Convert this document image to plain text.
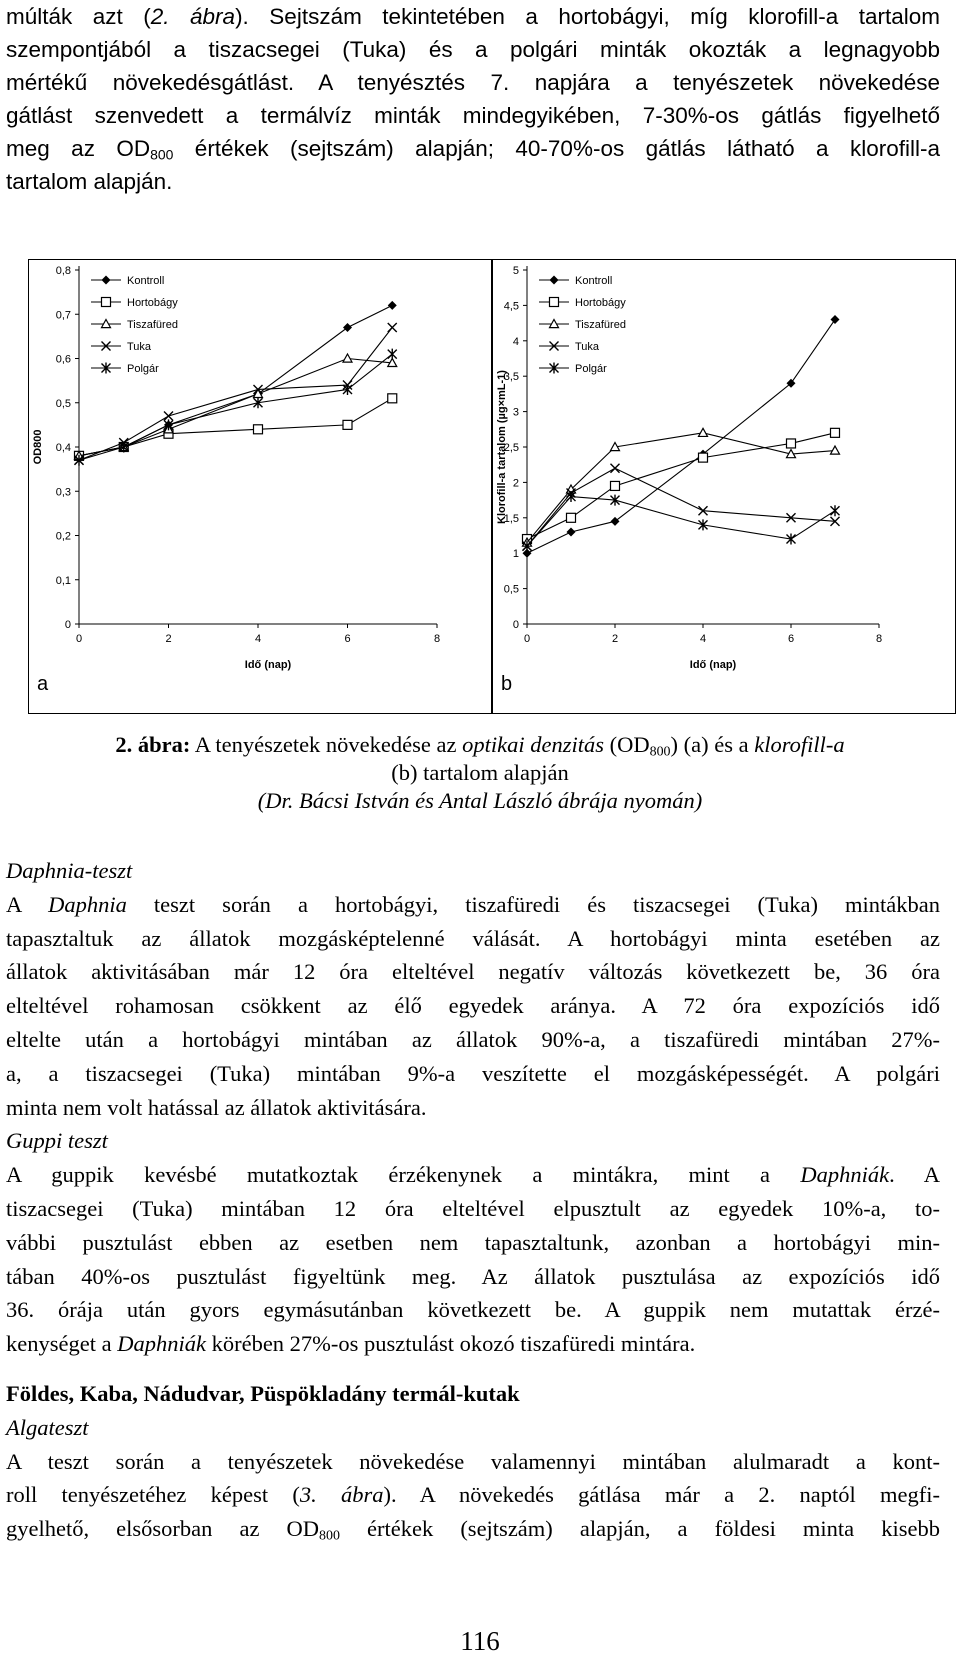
múlták azt (2. ábra). Sejtszám tekintetében a hortobágyi, míg klorofill-a tartalom
szempontjából a tiszacsegei (Tuka) és a polgári minták okozták a legnagyobb
mértékű növekedésgátlást. A tenyésztés 7. napjára a tenyészetek növekedése
gátlást szenvedett a termálvíz minták mindegyikében, 7-30%-os gátlás figyelhető
meg az $OD_{800}$ értékek (sejtszám) alapján; 40-70%-os gátlás látható a klorofill-a
tartalom alapján.
0
0,1
0,2
0,3
0,4
0,5
0,6
0,7
0,8
0	2	4	6	8
Idő (nap)
OD800
Kontroll
Hortobágy
Tiszafüred
Tuka
Polgár
a
0
0,5
1
1,5
2
2,5
3
3,5
4
4,5
5
0	2	4	6	8
Idő (nap)
Klorofill-a tartalom (µg×mL-1)
Kontroll
Hortobágy
Tiszafüred
Tuka
Polgár
b
2. ábra: A tenyészetek növekedése az optikai denzitás $(OD_{800})$ (a) és a klorofill-a
(b) tartalom alapján
(Dr. Bácsi István és Antal László ábrája nyomán)
Daphnia-teszt
A Daphnia teszt során a hortobágyi, tiszafüredi és tiszacsegei (Tuka) mintákban
tapasztaltuk az állatok mozgásképtelenné válását. A hortobágyi minta esetében az
állatok aktivitásában már 12 óra elteltével negatív változás következett be, 36 óra
elteltével rohamosan csökkent az élő egyedek aránya. A 72 óra expozíciós idő
eltelte után a hortobágyi mintában az állatok 90%-a, a tiszafüredi mintában 27%-
a, a tiszacsegei (Tuka) mintában 9%-a veszítette el mozgásképességét. A polgári
minta nem volt hatással az állatok aktivitására.
Guppi teszt
A guppik kevésbé mutatkoztak érzékenynek a mintákra, mint a Daphniák. A
tiszacsegei (Tuka) mintában 12 óra elteltével elpusztult az egyedek 10%-a, to-
vábbi pusztulást ebben az esetben nem tapasztaltunk, azonban a hortobágyi min-
tában 40%-os pusztulást figyeltünk meg. Az állatok pusztulása az expozíciós idő
36. órája után gyors egymásutánban következett be. A guppik nem mutattak érzé-
kenységet a Daphniák körében 27%-os pusztulást okozó tiszafüredi mintára.
Földes, Kaba, Nádudvar, Püspökladány termál-kutak
Algateszt
A teszt során a tenyészetek növekedése valamennyi mintában alulmaradt a kont-
roll tenyészetéhez képest (3. ábra). A növekedés gátlása már a 2. naptól megfi-
gyelhető, elsősorban az $OD_{800}$ értékek (sejtszám) alapján, a földesi minta kisebb
116
